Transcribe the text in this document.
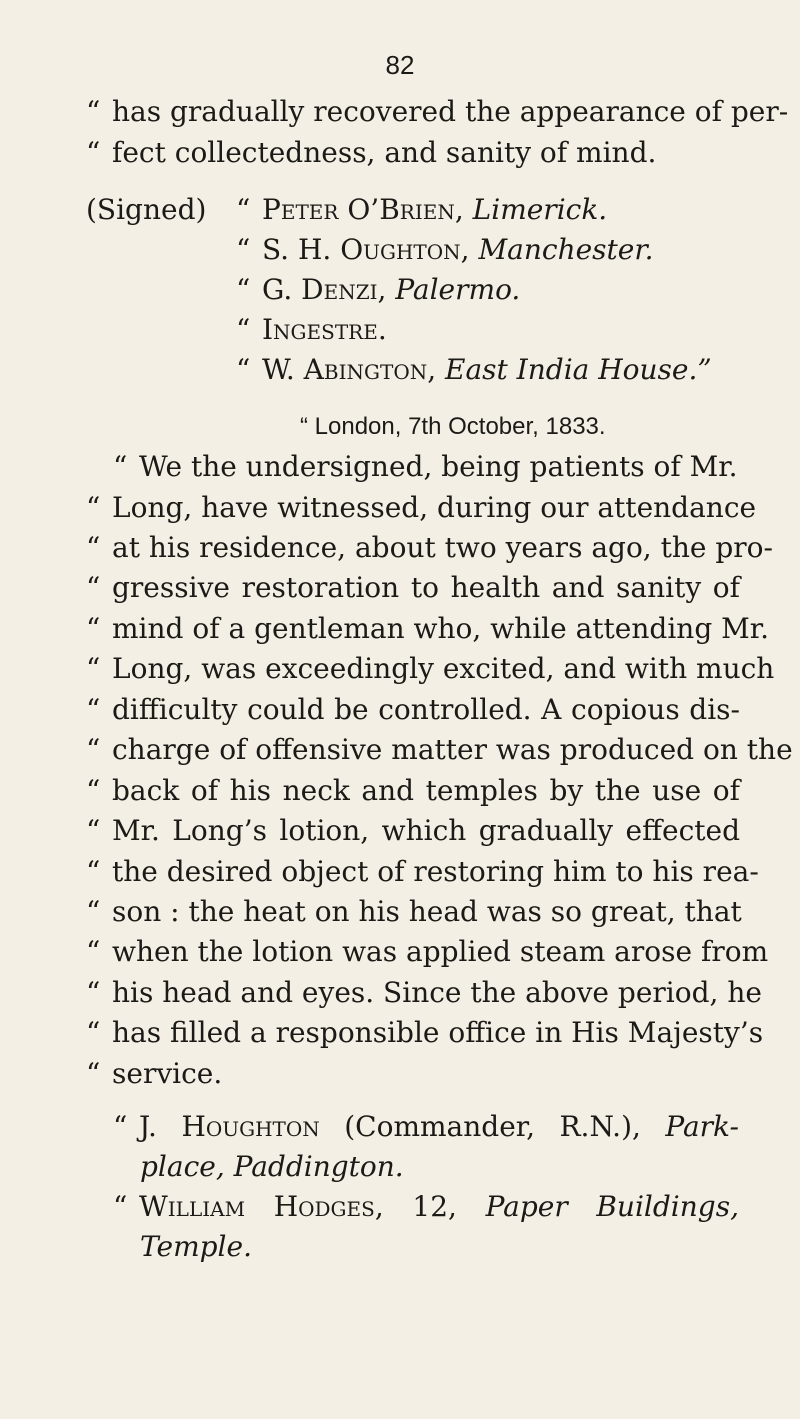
82
“ has gradually recovered the appearance of per-
“ fect collectedness, and sanity of mind.
(Signed) “ Peter O’Brien, Limerick.
“ S. H. Oughton, Manchester.
“ G. Denzi, Palermo.
“ Ingestre.
“ W. Abington, East India House.”
“ London, 7th October, 1833.
“ We the undersigned, being patients of Mr.
“ Long, have witnessed, during our attendance
“ at his residence, about two years ago, the pro-
“ gressive restoration to health and sanity of
“ mind of a gentleman who, while attending Mr.
“ Long, was exceedingly excited, and with much
“ difficulty could be controlled. A copious dis-
“ charge of offensive matter was produced on the
“ back of his neck and temples by the use of
“ Mr. Long’s lotion, which gradually effected
“ the desired object of restoring him to his rea-
“ son : the heat on his head was so great, that
“ when the lotion was applied steam arose from
“ his head and eyes. Since the above period, he
“ has filled a responsible office in His Majesty’s
“ service.
“ J. Houghton (Commander, R.N.), Park-
place, Paddington.
“ William Hodges, 12, Paper Buildings,
Temple.
